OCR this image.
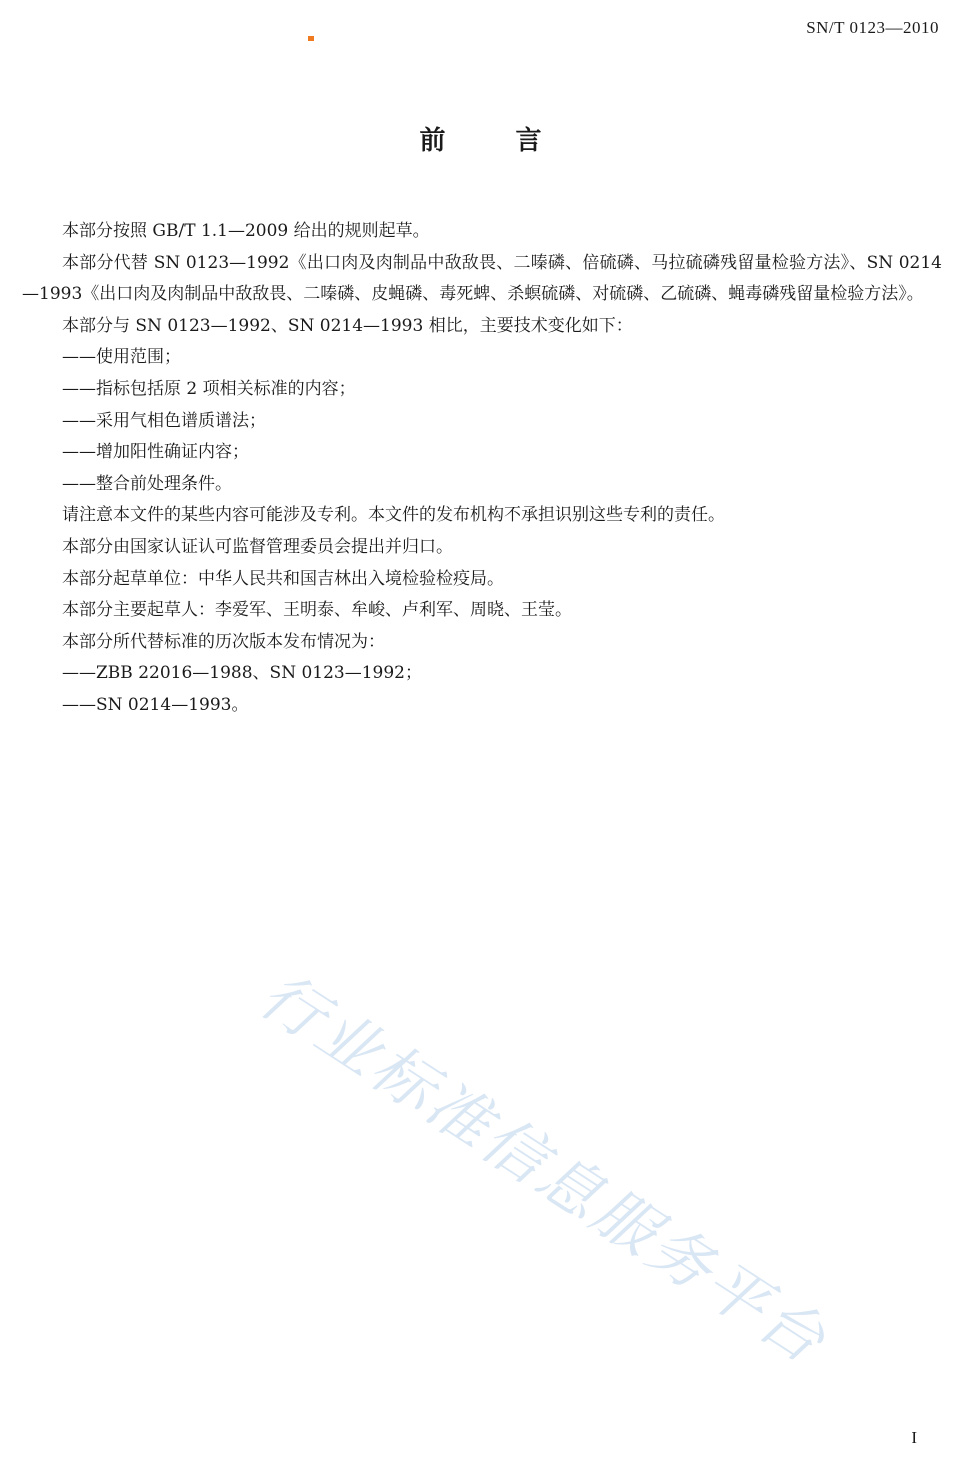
SN/T 0123—2010
前言

本部分按照 GB/T 1.1—2009 给出的规则起草。

本部分代替 SN 0123—1992《出口肉及肉制品中敌敌畏、二嗪磷、倍硫磷、马拉硫磷残留量检验方法》、SN 0214—1993《出口肉及肉制品中敌敌畏、二嗪磷、皮蝇磷、毒死蜱、杀螟硫磷、对硫磷、乙硫磷、蝇毒磷残留量检验方法》。

本部分与 SN 0123—1992、SN 0214—1993 相比，主要技术变化如下：

——使用范围；

——指标包括原 2 项相关标准的内容；

——采用气相色谱质谱法；

——增加阳性确证内容；

——整合前处理条件。

请注意本文件的某些内容可能涉及专利。本文件的发布机构不承担识别这些专利的责任。

本部分由国家认证认可监督管理委员会提出并归口。

本部分起草单位：中华人民共和国吉林出入境检验检疫局。

本部分主要起草人：李爱军、王明泰、牟峻、卢利军、周晓、王莹。

本部分所代替标准的历次版本发布情况为：

——ZBB 22016—1988、SN 0123—1992；

——SN 0214—1993。

行业标准信息服务平台
I
